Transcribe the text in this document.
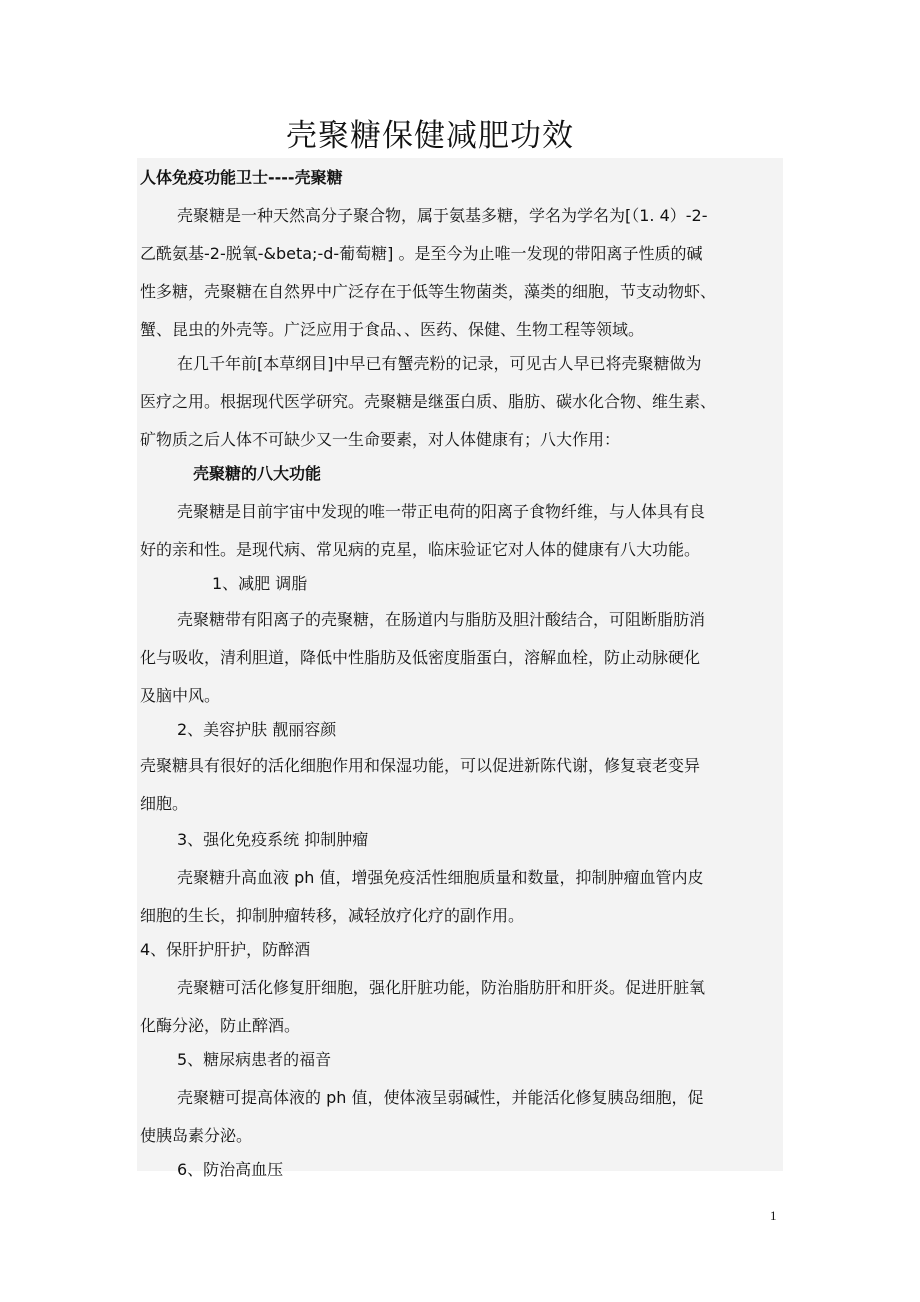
壳聚糖保健减肥功效

人体免疫功能卫士----壳聚糖

壳聚糖是一种天然高分子聚合物，属于氨基多糖，学名为学名为[（1. 4）-2-

乙酰氨基-2-脱氧-&beta;-d-葡萄糖] 。是至今为止唯一发现的带阳离子性质的碱

性多糖，壳聚糖在自然界中广泛存在于低等生物菌类，藻类的细胞，节支动物虾、

蟹、昆虫的外壳等。广泛应用于食品、、医药、保健、生物工程等领域。

在几千年前[本草纲目]中早已有蟹壳粉的记录，可见古人早已将壳聚糖做为

医疗之用。根据现代医学研究。壳聚糖是继蛋白质、脂肪、碳水化合物、维生素、

矿物质之后人体不可缺少又一生命要素，对人体健康有；八大作用：

壳聚糖的八大功能

壳聚糖是目前宇宙中发现的唯一带正电荷的阳离子食物纤维，与人体具有良

好的亲和性。是现代病、常见病的克星，临床验证它对人体的健康有八大功能。

1、减肥 调脂

壳聚糖带有阳离子的壳聚糖，在肠道内与脂肪及胆汁酸结合，可阻断脂肪消

化与吸收，清利胆道，降低中性脂肪及低密度脂蛋白，溶解血栓，防止动脉硬化

及脑中风。

2、美容护肤 靓丽容颜

壳聚糖具有很好的活化细胞作用和保湿功能，可以促进新陈代谢，修复衰老变异

细胞。

3、强化免疫系统 抑制肿瘤

壳聚糖升高血液 ph 值，增强免疫活性细胞质量和数量，抑制肿瘤血管内皮

细胞的生长，抑制肿瘤转移，减轻放疗化疗的副作用。

4、保肝护肝护，防醉酒

壳聚糖可活化修复肝细胞，强化肝脏功能，防治脂肪肝和肝炎。促进肝脏氧

化酶分泌，防止醉酒。

5、糖尿病患者的福音

壳聚糖可提高体液的 ph 值，使体液呈弱碱性，并能活化修复胰岛细胞，促

使胰岛素分泌。

6、防治高血压

1
